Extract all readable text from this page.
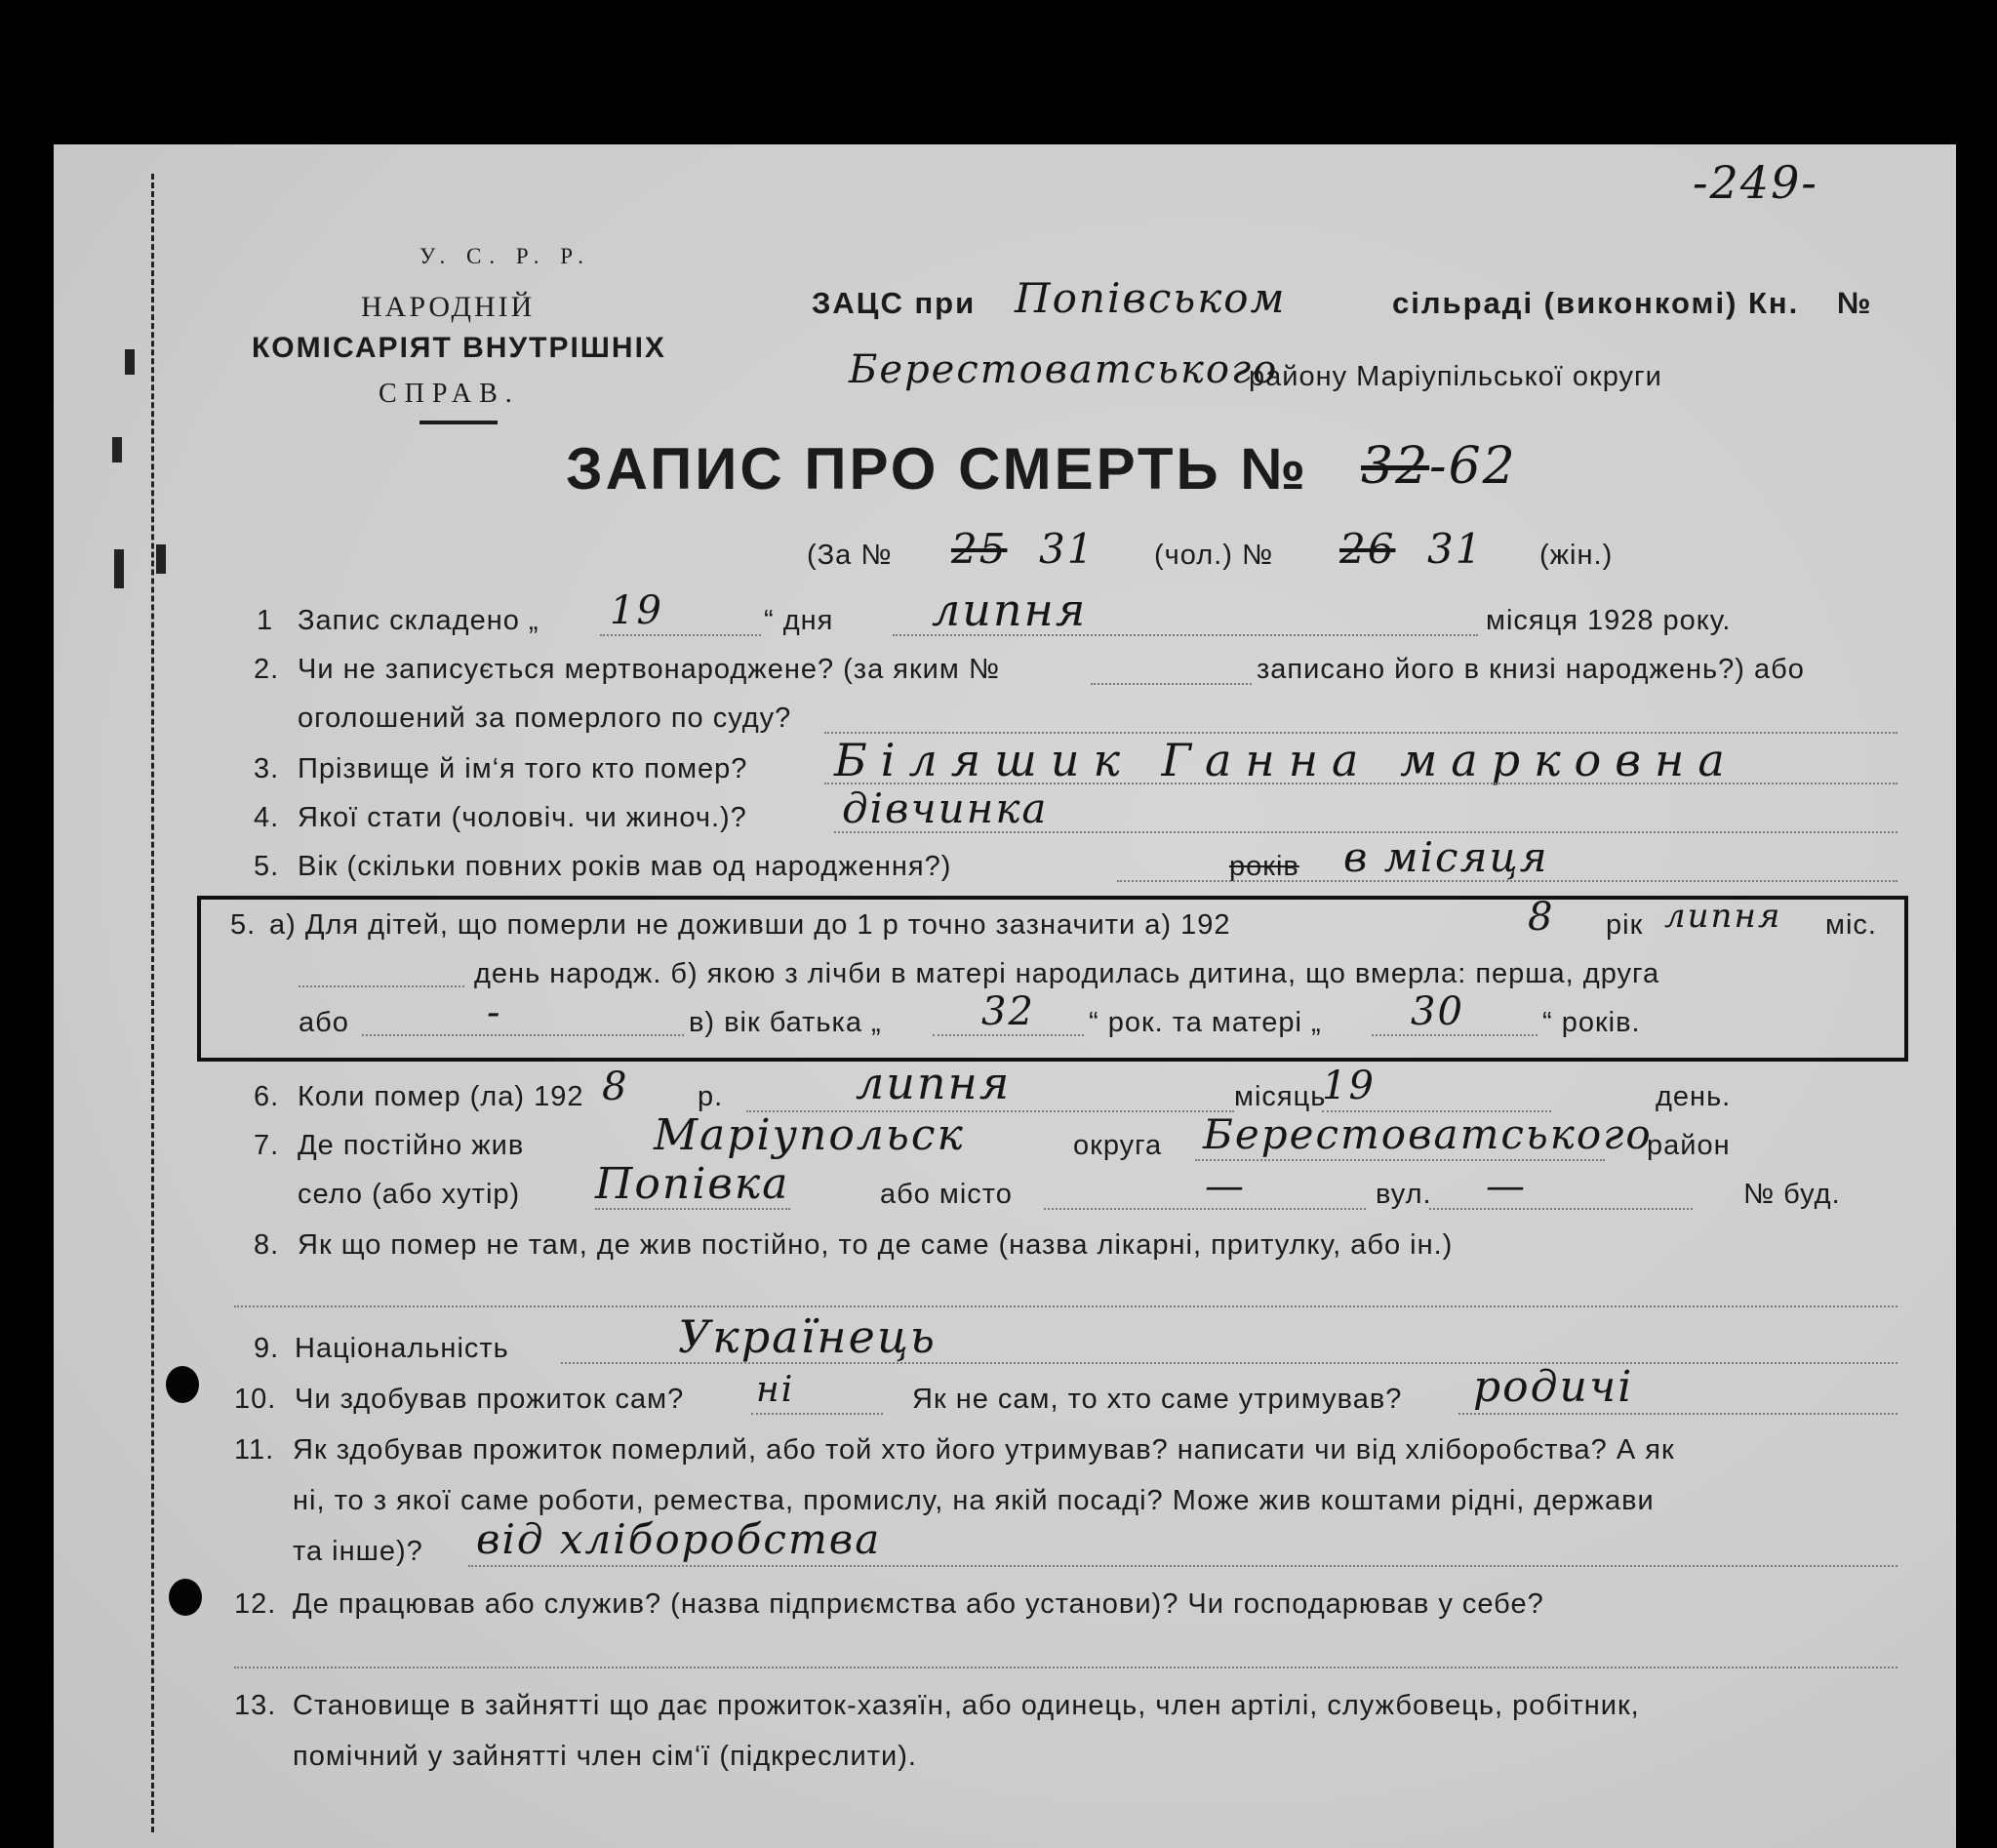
-249-
У. С. Р. Р.
НАРОДНІЙ
КОМІСАРІЯТ ВНУТРІШНІХ
СПРАВ.
ЗАЦС при Попівськом	сільраді (виконкомі) Кн. №
Берестоватського
району Маріупільської округи
ЗАПИС ПРО СМЕРТЬ № 32 -62
(За № 25 31 (чол.) № 26 31 (жін.)
1 Запис складено „ 19	“ дня липня	місяця 1928 року.
2. Чи не записується мертвонароджене? (за яким №	записано його в книзі народжень?) або
оголошений за померлого по суду?
3. Прізвище й ім‘я того кто помер? Біляшик Ганна марковна
4. Якої стати (чоловіч. чи жиноч.)? дівчинка
5. Вік (скільки повних років мав од народження?)	років в місяця
5. а) Для дітей, що померли не доживши до 1 р точно зазначити а) 192	8 рік липня міс.
день народж. б) якою з лічби в матері народилась дитина, що вмерла: перша, друга
або	-	в) вік батька „	32 “ рок. та матері „ 30	“ років.
6. Коли помер (ла) 192 8 р.	липня	місяць
19	день.
7. Де постійно жив	Маріупольск	округа Берестоватського
район
село (або хутір) Попівка	або місто	—	вул. —	№ буд.
8. Як що помер не там, де жив постійно, то де саме (назва лікарні, притулку, або ін.)
9. Національність	Українець
10. Чи здобував прожиток сам? ні	Як не сам, то хто саме утримував? родичі
11. Як здобував прожиток померлий, або той хто його утримував? написати чи від хліборобства? А як
ні, то з якої саме роботи, ремества, промислу, на якій посаді? Може жив коштами рідні, держави
та інше)? від хліборобства
12. Де працював або служив? (назва підприємства або установи)? Чи господарював у себе?
13. Становище в зайнятті що дає прожиток-хазяїн, або одинець, член артілі, службовець, робітник,
помічний у зайнятті член сім‘ї (підкреслити).
